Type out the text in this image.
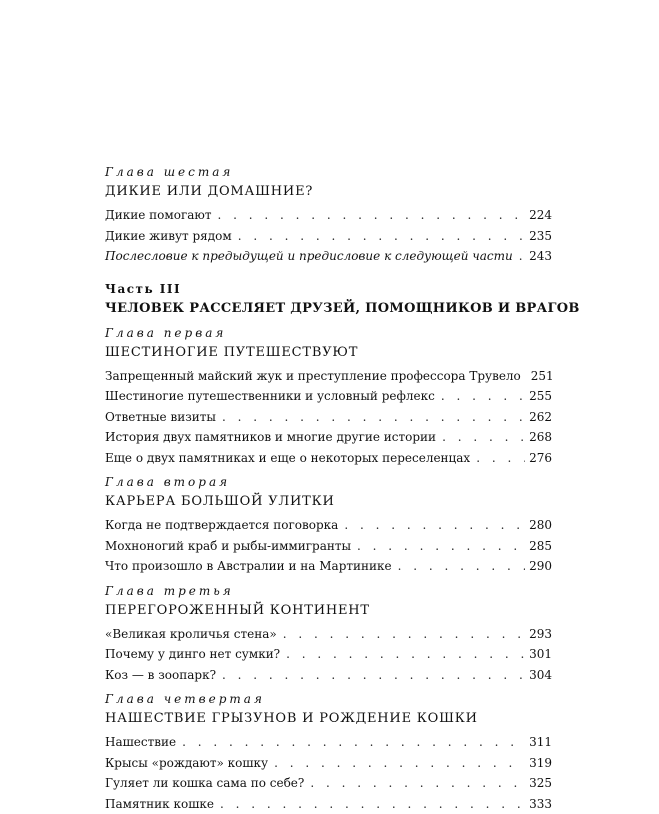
Глава шестая
ДИКИЕ ИЛИ ДОМАШНИЕ?
Дикие помогают . . .	224
Дикие живут рядом . . .	235
Послесловие к предыдущей и предисловие к следующей части . . . 243
Часть III
ЧЕЛОВЕК РАССЕЛЯЕТ ДРУЗЕЙ, ПОМОЩНИКОВ И ВРАГОВ
Глава первая
ШЕСТИНОГИЕ ПУТЕШЕСТВУЮТ
Запрещенный майский жук и преступление профессора Трувело 251
Шестиногие путешественники и условный рефлекс . . .	255
Ответные визиты . . .	262
История двух памятников и многие другие истории . . .	268
Еще о двух памятниках и еще о некоторых переселенцах . . .	276
Глава вторая
КАРЬЕРА БОЛЬШОЙ УЛИТКИ
Когда не подтверждается поговорка . . .	280
Мохноногий краб и рыбы-иммигранты . . .	285
Что произошло в Австралии и на Мартинике . . .	290
Глава третья
ПЕРЕГОРОЖЕННЫЙ КОНТИНЕНТ
«Великая кроличья стена» . . .	293
Почему у динго нет сумки? . . .	301
Коз — в зоопарк? . . .	304
Глава четвертая
НАШЕСТВИЕ ГРЫЗУНОВ И РОЖДЕНИЕ КОШКИ
Нашествие . . .	311
Крысы «рождают» кошку . . .	319
Гуляет ли кошка сама по себе? . . .	325
Памятник кошке . . .	333
